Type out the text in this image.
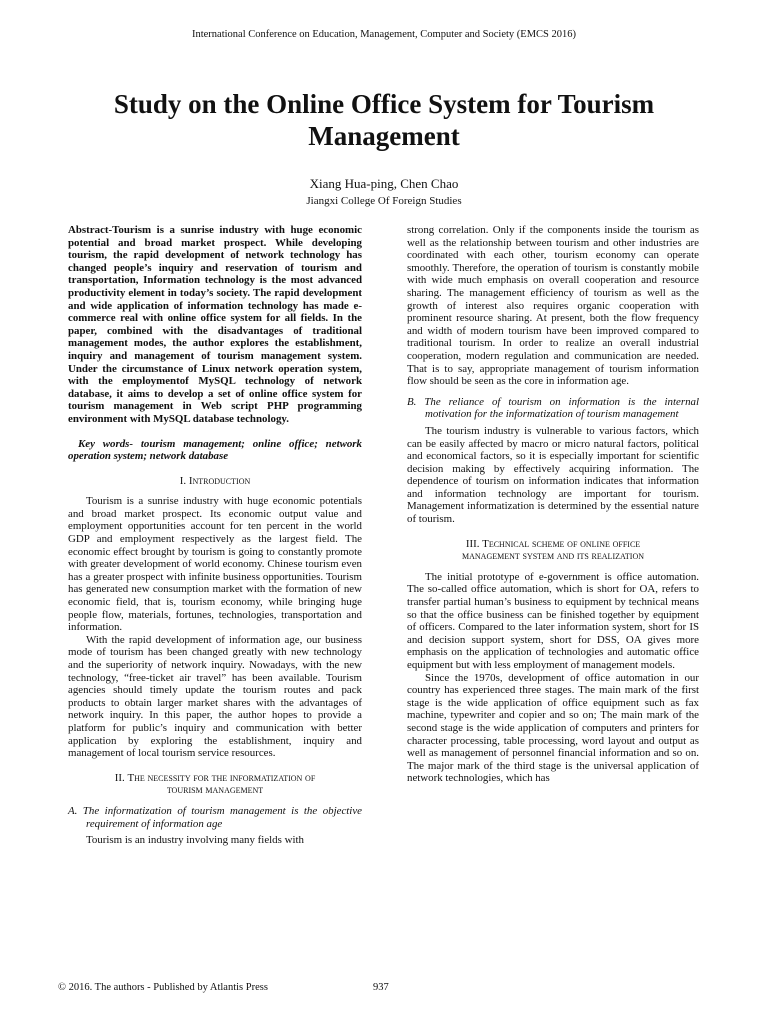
International Conference on Education, Management, Computer and Society (EMCS 2016)
Study on the Online Office System for Tourism Management
Xiang Hua-ping, Chen Chao
Jiangxi College Of Foreign Studies

Abstract-Tourism is a sunrise industry with huge economic potential and broad market prospect. While developing tourism, the rapid development of network technology has changed people’s inquiry and reservation of tourism and transportation, Information technology is the most advanced productivity element in today’s society. The rapid development and wide application of information technology has made e-commerce real with online office system for all fields. In the paper, combined with the disadvantages of traditional management modes, the author explores the establishment, inquiry and management of tourism management system. Under the circumstance of Linux network operation system, with the employmentof MySQL technology of network database, it aims to develop a set of online office system for tourism management in Web script PHP programming environment with MySQL database technology.

Key words- tourism management; online office; network operation system; network database

I. Introduction

Tourism is a sunrise industry with huge economic potentials and broad market prospect. Its economic output value and employment opportunities account for ten percent in the world GDP and employment respectively as the largest field. The economic effect brought by tourism is going to constantly promote with greater development of world economy. Chinese tourism even has a greater prospect with infinite business opportunities. Tourism has generated new consumption market with the formation of new economic field, that is, tourism economy, while bringing huge people flow, materials, fortunes, technologies, transportation and information.

With the rapid development of information age, our business mode of tourism has been changed greatly with new technology and the superiority of network inquiry. Nowadays, with the new technology, “free-ticket air travel” has been available. Tourism agencies should timely update the tourism routes and pack products to obtain larger market shares with the advantages of network inquiry. In this paper, the author hopes to provide a platform for public’s inquiry and communication with better application by exploring the establishment, inquiry and management of local tourism service resources.

II. The necessity for the informatization of
tourism management

A. The informatization of tourism management is the objective requirement of information age

Tourism is an industry involving many fields with

strong correlation. Only if the components inside the tourism as well as the relationship between tourism and other industries are coordinated with each other, tourism economy can operate smoothly. Therefore, the operation of tourism is constantly mobile with wide much emphasis on overall cooperation and resource sharing. The management efficiency of tourism as well as the growth of interest also requires organic cooperation with prominent resource sharing. At present, both the flow frequency and width of modern tourism have been improved compared to traditional tourism. In order to realize an overall industrial cooperation, modern regulation and communication are needed. That is to say, appropriate management of tourism information flow should be seen as the core in information age.

B. The reliance of tourism on information is the internal motivation for the informatization of tourism management

The tourism industry is vulnerable to various factors, which can be easily affected by macro or micro natural factors, political and economical factors, so it is especially important for scientific decision making by effectively acquiring information. The dependence of tourism on information indicates that information and information technology are important for tourism. Management informatization is determined by the essential nature of tourism.

III. Technical scheme of online office
management system and its realization

The initial prototype of e-government is office automation. The so-called office automation, which is short for OA, refers to transfer partial human’s business to equipment by technical means so that the office business can be finished together by equipment of officers. Compared to the later information system, short for IS and decision support system, short for DSS, OA gives more emphasis on the application of technologies and automatic office equipment but with less employment of management models.

Since the 1970s, development of office automation in our country has experienced three stages. The main mark of the first stage is the wide application of office equipment such as fax machine, typewriter and copier and so on; The main mark of the second stage is the wide application of computers and printers for character processing, table processing, word layout and output as well as management of personnel financial information and so on. The major mark of the third stage is the universal application of network technologies, which has

© 2016. The authors - Published by Atlantis Press	937
